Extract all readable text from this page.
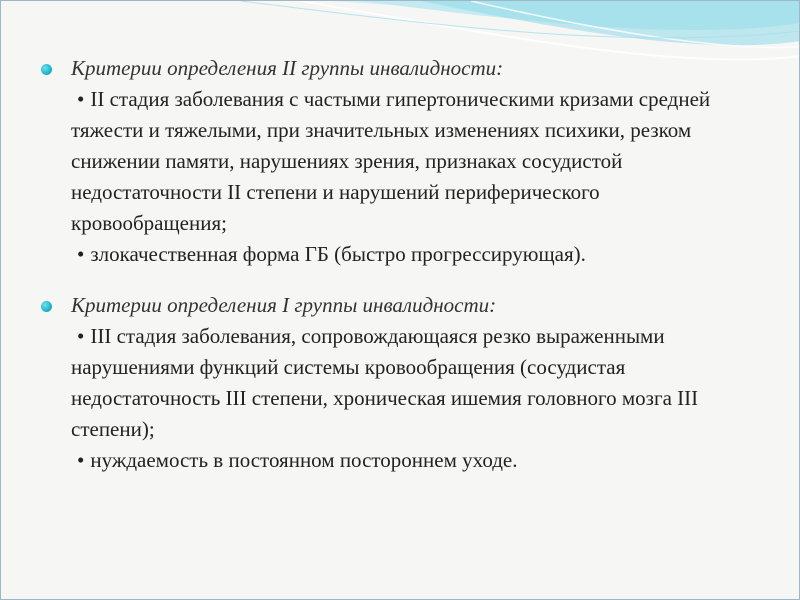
Критерии определения II группы инвалидности:
• II стадия заболевания с частыми гипертоническими кризами средней тяжести и тяжелыми, при значительных изменениях психики, резком снижении памяти, нарушениях зрения, признаках сосудистой недостаточности II степени и нарушений периферического кровообращения;
• злокачественная форма ГБ (быстро прогрессирующая).
Критерии определения I группы инвалидности:
• III стадия заболевания, сопровождающаяся резко выраженными нарушениями функций системы кровообращения (сосудистая недостаточность III степени, хроническая ишемия головного мозга III степени);
• нуждаемость в постоянном постороннем уходе.
